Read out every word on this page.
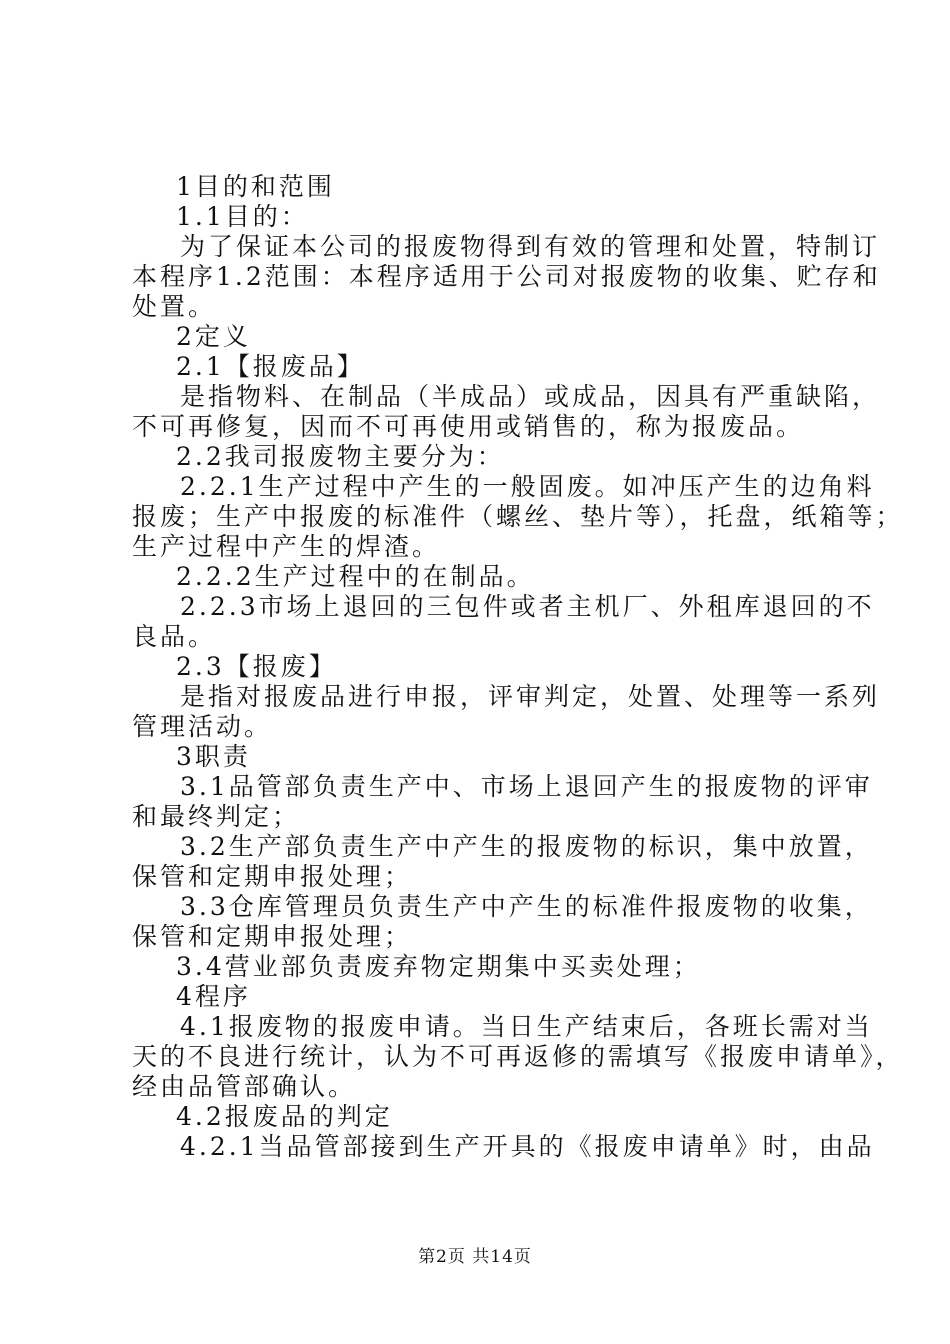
1目的和范围
1.1目的：
为了保证本公司的报废物得到有效的管理和处置，特制订
本程序1.2范围：本程序适用于公司对报废物的收集、贮存和
处置。
2定义
2.1【报废品】
是指物料、在制品（半成品）或成品，因具有严重缺陷，
不可再修复，因而不可再使用或销售的，称为报废品。
2.2我司报废物主要分为：
2.2.1生产过程中产生的一般固废。如冲压产生的边角料
报废；生产中报废的标准件（螺丝、垫片等），托盘，纸箱等；
生产过程中产生的焊渣。
2.2.2生产过程中的在制品。
2.2.3市场上退回的三包件或者主机厂、外租库退回的不
良品。
2.3【报废】
是指对报废品进行申报，评审判定，处置、处理等一系列
管理活动。
3职责
3.1品管部负责生产中、市场上退回产生的报废物的评审
和最终判定；
3.2生产部负责生产中产生的报废物的标识，集中放置，
保管和定期申报处理；
3.3仓库管理员负责生产中产生的标准件报废物的收集，
保管和定期申报处理；
3.4营业部负责废弃物定期集中买卖处理；
4程序
4.1报废物的报废申请。当日生产结束后，各班长需对当
天的不良进行统计，认为不可再返修的需填写《报废申请单》，
经由品管部确认。
4.2报废品的判定
4.2.1当品管部接到生产开具的《报废申请单》时，由品
第2页 共14页
